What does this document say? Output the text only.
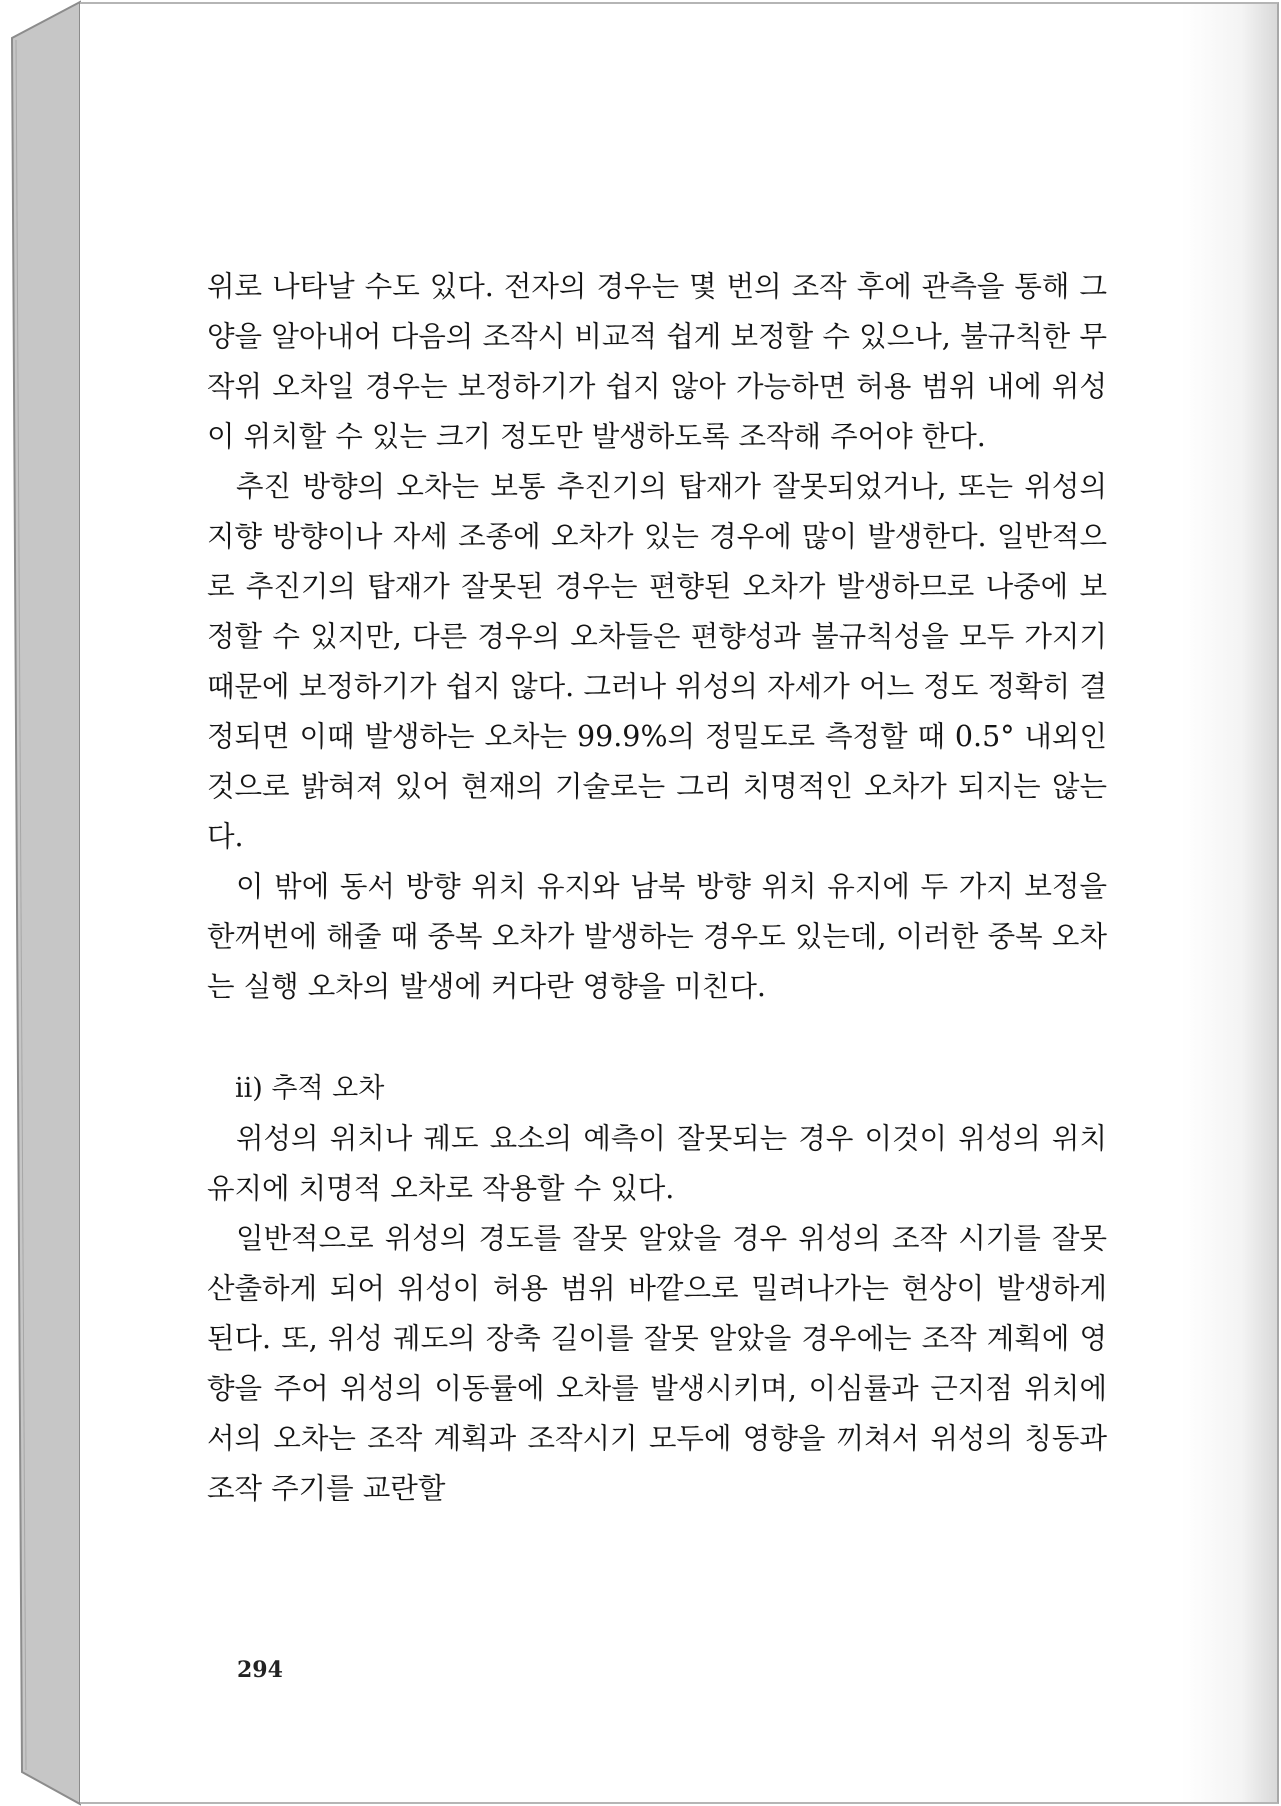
위로 나타날 수도 있다. 전자의 경우는 몇 번의 조작 후에 관측을 통해 그 양을 알아내어 다음의 조작시 비교적 쉽게 보정할 수 있으나, 불규칙한 무작위 오차일 경우는 보정하기가 쉽지 않아 가능하면 허용 범위 내에 위성이 위치할 수 있는 크기 정도만 발생하도록 조작해 주어야 한다.

추진 방향의 오차는 보통 추진기의 탑재가 잘못되었거나, 또는 위성의 지향 방향이나 자세 조종에 오차가 있는 경우에 많이 발생한다. 일반적으로 추진기의 탑재가 잘못된 경우는 편향된 오차가 발생하므로 나중에 보정할 수 있지만, 다른 경우의 오차들은 편향성과 불규칙성을 모두 가지기 때문에 보정하기가 쉽지 않다. 그러나 위성의 자세가 어느 정도 정확히 결정되면 이때 발생하는 오차는 99.9%의 정밀도로 측정할 때 0.5° 내외인 것으로 밝혀져 있어 현재의 기술로는 그리 치명적인 오차가 되지는 않는다.

이 밖에 동서 방향 위치 유지와 남북 방향 위치 유지에 두 가지 보정을 한꺼번에 해줄 때 중복 오차가 발생하는 경우도 있는데, 이러한 중복 오차는 실행 오차의 발생에 커다란 영향을 미친다.

ii) 추적 오차

위성의 위치나 궤도 요소의 예측이 잘못되는 경우 이것이 위성의 위치 유지에 치명적 오차로 작용할 수 있다.

일반적으로 위성의 경도를 잘못 알았을 경우 위성의 조작 시기를 잘못 산출하게 되어 위성이 허용 범위 바깥으로 밀려나가는 현상이 발생하게 된다. 또, 위성 궤도의 장축 길이를 잘못 알았을 경우에는 조작 계획에 영향을 주어 위성의 이동률에 오차를 발생시키며, 이심률과 근지점 위치에서의 오차는 조작 계획과 조작시기 모두에 영향을 끼쳐서 위성의 칭동과 조작 주기를 교란할

294
